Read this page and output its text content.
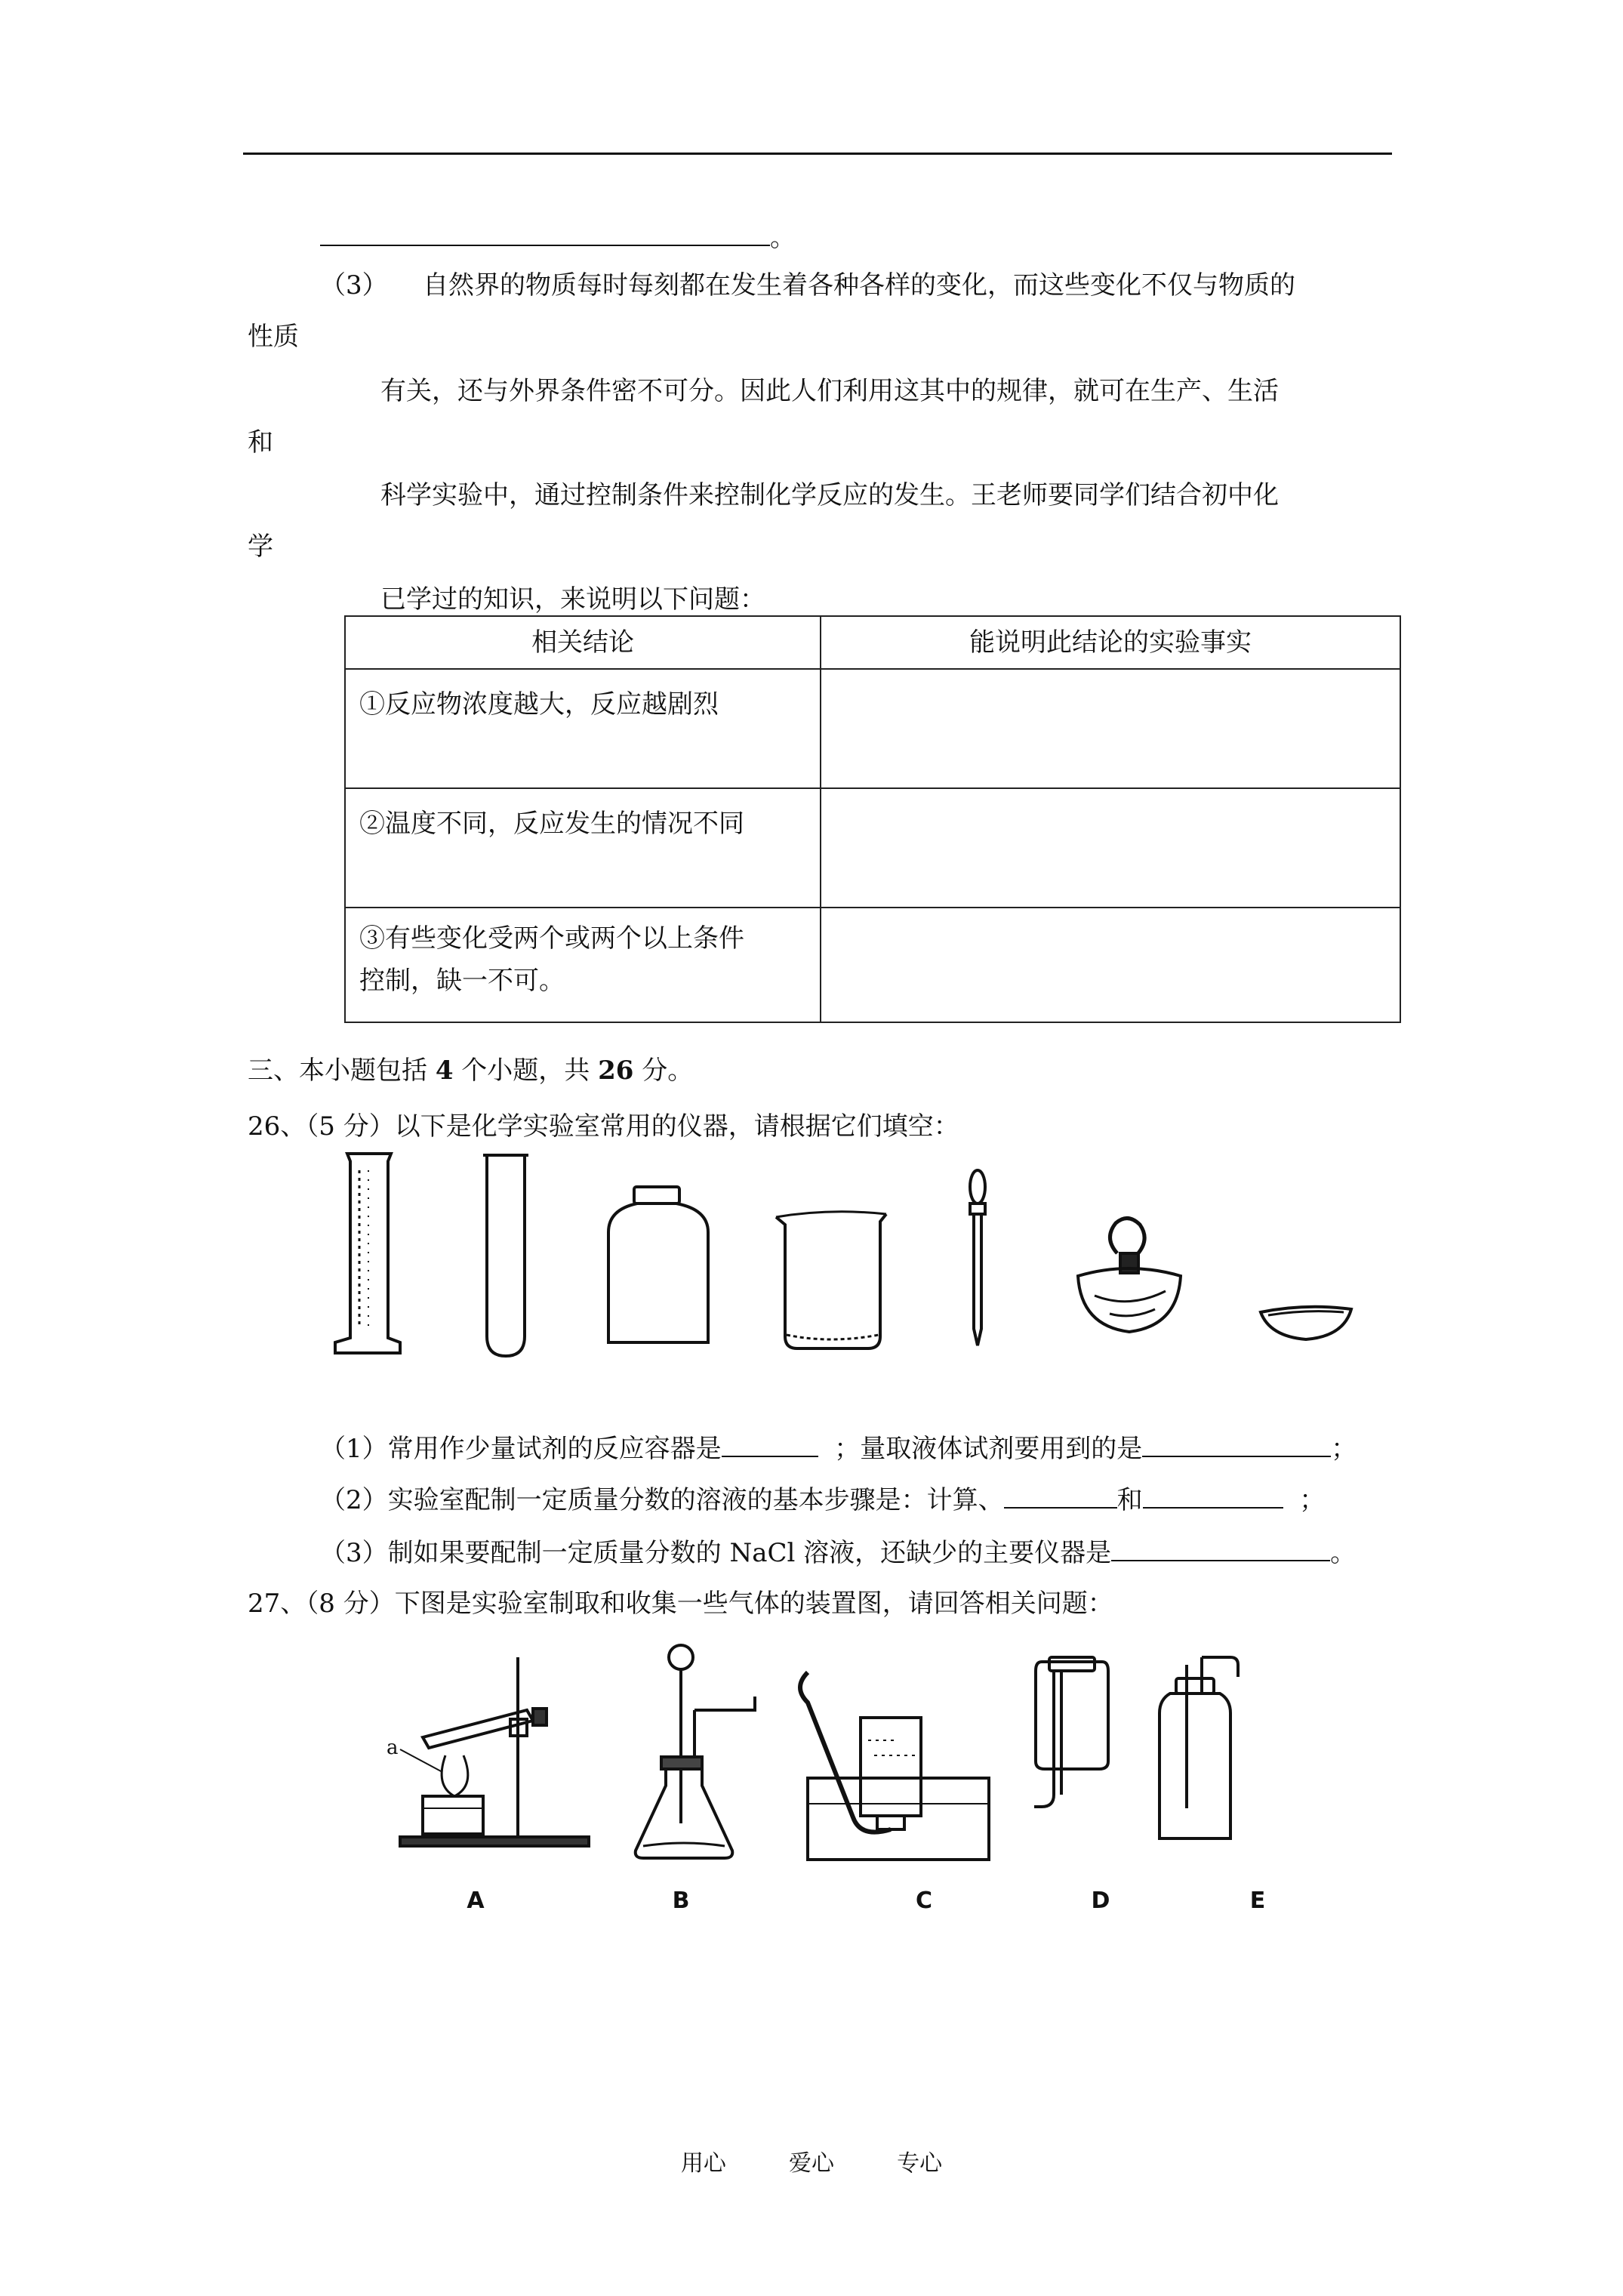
。
（3） 自然界的物质每时每刻都在发生着各种各样的变化，而这些变化不仅与物质的
性质
有关，还与外界条件密不可分。因此人们利用这其中的规律，就可在生产、生活
和
科学实验中，通过控制条件来控制化学反应的发生。王老师要同学们结合初中化
学
已学过的知识，来说明以下问题：
相关结论	能说明此结论的实验事实
①反应物浓度越大，反应越剧烈	
②温度不同，反应发生的情况不同	

③有些变化受两个或两个以上条件
控制，缺一不可。	

三、本小题包括 4 个小题，共 26 分。
26、（5 分）以下是化学实验室常用的仪器，请根据它们填空：
（1）常用作少量试剂的反应容器是	；量取液体试剂要用到的是	；
（2）实验室配制一定质量分数的溶液的基本步骤是：计算、	和	；
（3）制如果要配制一定质量分数的 NaCl 溶液，还缺少的主要仪器是	。
27、（8 分）下图是实验室制取和收集一些气体的装置图，请回答相关问题：
a
A	B	C	D	E
用心	爱心	专心
